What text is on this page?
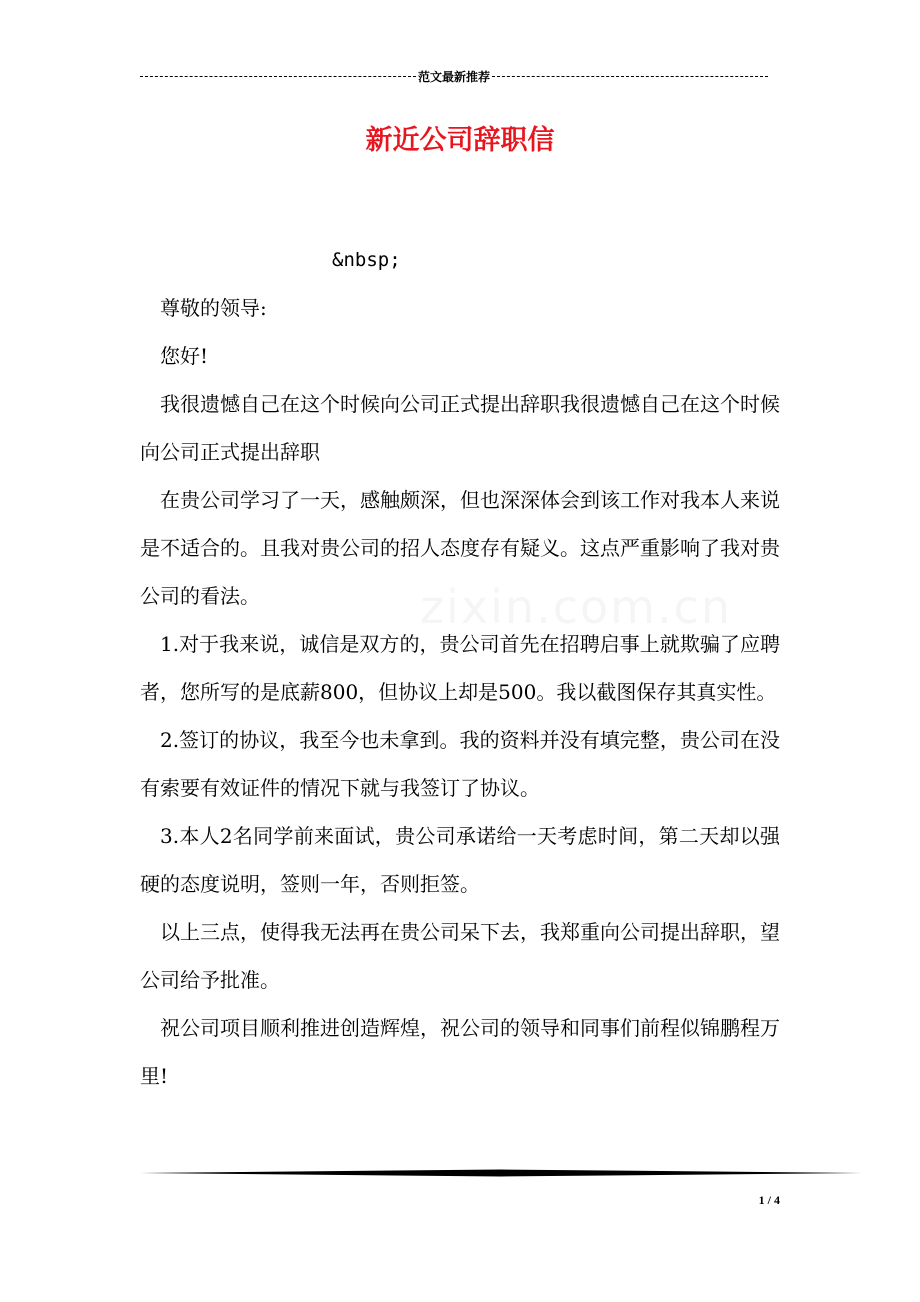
范文最新推荐
新近公司辞职信

&nbsp;

尊敬的领导:

您好!

我很遗憾自己在这个时候向公司正式提出辞职我很遗憾自己在这个时候向公司正式提出辞职

在贵公司学习了一天，感触颇深，但也深深体会到该工作对我本人来说是不适合的。且我对贵公司的招人态度存有疑义。这点严重影响了我对贵公司的看法。

1.对于我来说，诚信是双方的，贵公司首先在招聘启事上就欺骗了应聘者，您所写的是底薪800，但协议上却是500。我以截图保存其真实性。

2.签订的协议，我至今也未拿到。我的资料并没有填完整，贵公司在没有索要有效证件的情况下就与我签订了协议。

3.本人2名同学前来面试，贵公司承诺给一天考虑时间，第二天却以强硬的态度说明，签则一年，否则拒签。

以上三点，使得我无法再在贵公司呆下去，我郑重向公司提出辞职，望公司给予批准。

祝公司项目顺利推进创造辉煌，祝公司的领导和同事们前程似锦鹏程万里!

1 / 4
